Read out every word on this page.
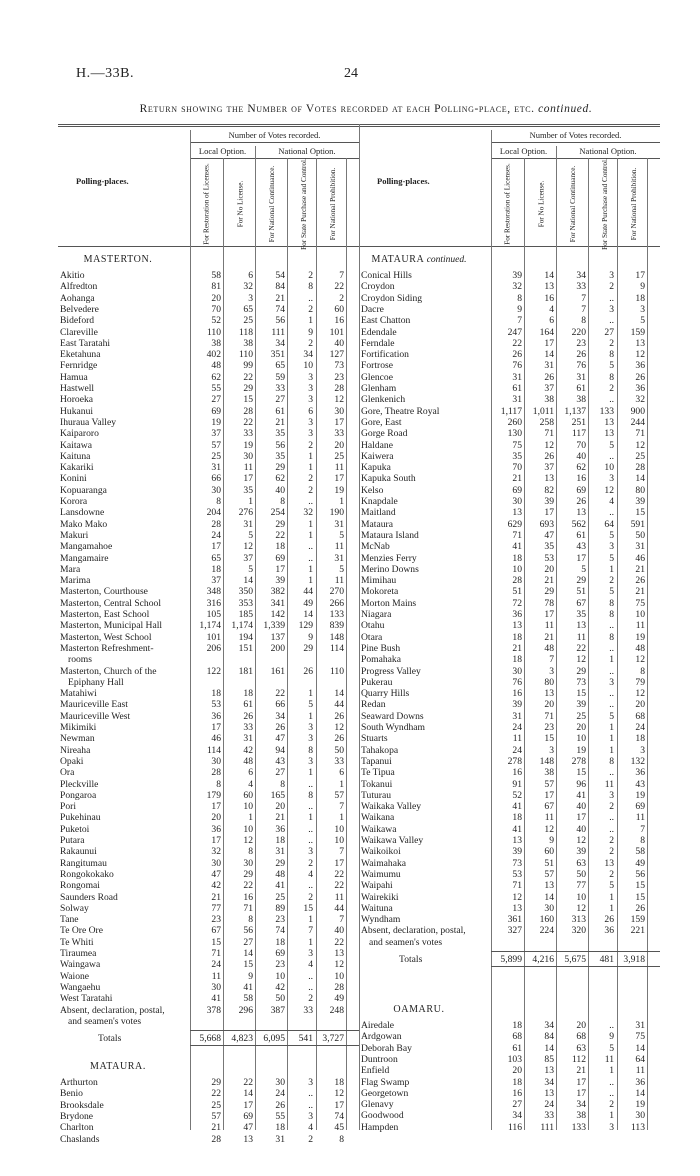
H.—33B.	24
Return showing the Number of Votes recorded at each Polling-place, etc. continued.
Number of Votes recorded.
Local Option.	National Option.
Polling-places.	For Restoration of Licenses.	For No License.	For National Continuance.	For State Purchase and Control.	For National Prohibition.
MASTERTON.
Akitio	58	6 54 2	7
Alfredton	81 32 84 8 22
Aohanga	20	3 21 ..	2
Belvedere	70 65 74 2 60
Bideford	52 25 56 1 16
Clareville	110 118 111 9 101
East Taratahi	38 38 34 2 40
Eketahuna	402 110 351 34 127
Fernridge	48 99 65 10 73
Hamua	62 22 59 3 23
Hastwell	55 29 33 3 28
Horoeka	27 15 27 3 12
Hukanui	69 28 61 6 30
Ihuraua Valley	19 22 21 3 17
Kaiparoro	37 33 35 3 33
Kaitawa	57 19 56 2 20
Kaituna	25 30 35 1 25
Kakariki	31 11 29 1 11
Konini	66 17 62 2 17
Kopuaranga	30 35 40 2 19
Korora	8	1	8 ..	1
Lansdowne	204 276 254 32 190
Mako Mako	28 31 29 1 31
Makuri	24	5 22 1	5
Mangamahoe	17 12 18 .. 11
Mangamaire	65 37 69 .. 31
Mara	18	5 17 1	5
Marima	37 14 39 1 11
Masterton, Courthouse	348 350 382 44 270
Masterton, Central School	316 353 341 49 266
Masterton, East School	105 185 142 14 133
Masterton, Municipal Hall	1,174 1,174 1,339 129 839
Masterton, West School	101 194 137 9 148
Masterton Refreshment-	206 151 200 29 114
rooms
Masterton, Church of the	122 181 161 26 110
Epiphany Hall
Matahiwi	18 18 22 1 14
Mauriceville East	53 61 66 5 44
Mauriceville West	36 26 34 1 26
Mikimiki	17 33 26 3 12
Newman	46 31 47 3 26
Nireaha	114 42 94 8 50
Opaki	30 48 43 3 33
Ora	28	6 27 1	6
Pleckville	8	4	8 ..	1
Pongaroa	179 60 165 8 57
Pori	17 10 20 ..	7
Pukehinau	20	1 21 1	1
Puketoi	36 10 36 .. 10
Putara	17 12 18 .. 10
Rakaunui	32	8 31 3	7
Rangitumau	30 30 29 2 17
Rongokokako	47 29 48 4 22
Rongomai	42 22 41 .. 22
Saunders Road	21 16 25 2 11
Solway	77 71 89 15 44
Tane	23	8 23 1	7
Te Ore Ore	67 56 74 7 40
Te Whiti	15 27 18 1 22
Tiraumea	71 14 69 3 13
Waingawa	24 15 23 4 12
Waione	11	9 10 .. 10
Wangaehu	30 41 42 .. 28
West Taratahi	41 58 50 2 49
Absent, declaration, postal,	378 296 387 33 248
and seamen's votes
Totals	5,668 4,823 6,095 541 3,727
MATAURA.
Arthurton	29 22 30 3 18
Benio	22 14 24 .. 12
Brooksdale	25 17 26 .. 17
Brydone	57 69 55 3 74
Charlton	21 47 18 4 45
Chaslands	28 13 31 2	8
Number of Votes recorded.
Local Option.	National Option.
Polling-places.	For Restoration of Licenses.	For No License.	For National Continuance.	For State Purchase and Control.	For National Prohibition.
MATAURA continued.
Conical Hills	39 14 34 3 17
Croydon	32 13 33 2	9
Croydon Siding	8 16	7 .. 18
Dacre	9	4	7 3	3
East Chatton	7	6	8 ..	5
Edendale	247 164 220 27 159
Ferndale	22 17 23 2 13
Fortification	26 14 26 8 12
Fortrose	76 31 76 5 36
Glencoe	31 26 31 8 26
Glenham	61 37 61 2 36
Glenkenich	31 38 38 .. 32
Gore, Theatre Royal	1,117 1,011 1,137 133 900
Gore, East	260 258 251 13 244
Gorge Road	130 71 117 13 71
Haldane	75 12 70 5 12
Kaiwera	35 26 40 .. 25
Kapuka	70 37 62 10 28
Kapuka South	21 13 16 3 14
Kelso	69 82 69 12 80
Knapdale	30 39 26 4 39
Maitland	13 17 13 .. 15
Mataura	629 693 562 64 591
Mataura Island	71 47 61 5 50
McNab	41 35 43 3 31
Menzies Ferry	18 53 17 5 46
Merino Downs	10 20	5 1 21
Mimihau	28 21 29 2 26
Mokoreta	51 29 51 5 21
Morton Mains	72 78 67 8 75
Niagara	36 17 35 8 10
Otahu	13 11 13 .. 11
Otara	18 21 11 8 19
Pine Bush	21 48 22 .. 48
Pomahaka	18	7 12 1 12
Progress Valley	30	3 29 ..	8
Pukerau	76 80 73 3 79
Quarry Hills	16 13 15 .. 12
Redan	39 20 39 .. 20
Seaward Downs	31 71 25 5 68
South Wyndham	24 23 20 1 24
Stuarts	11 15 10 1 18
Tahakopa	24	3 19 1	3
Tapanui	278 148 278 8 132
Te Tipua	16 38 15 .. 36
Tokanui	91 57 96 11 43
Tuturau	52 17 41 3 19
Waikaka Valley	41 67 40 2 69
Waikana	18 11 17 .. 11
Waikawa	41 12 40 ..	7
Waikawa Valley	13	9 12 2	8
Waikoikoi	39 60 39 2 58
Waimahaka	73 51 63 13 49
Waimumu	53 57 50 2 56
Waipahi	71 13 77 5 15
Wairekiki	12 14 10 1 15
Waituna	13 30 12 1 26
Wyndham	361 160 313 26 159
Absent, declaration, postal,	327 224 320 36 221
and seamen's votes
Totals	5,899 4,216 5,675 481 3,918
OAMARU.
Airedale	18 34 20 .. 31
Ardgowan	68 84 68 9 75
Deborah Bay	61 14 63 5 14
Duntroon	103 85 112 11 64
Enfield	20 13 21 1 11
Flag Swamp	18 34 17 .. 36
Georgetown	16 13 17 .. 14
Glenavy	27 24 34 2 19
Goodwood	34 33 38 1 30
Hampden	116 111 133 3 113
